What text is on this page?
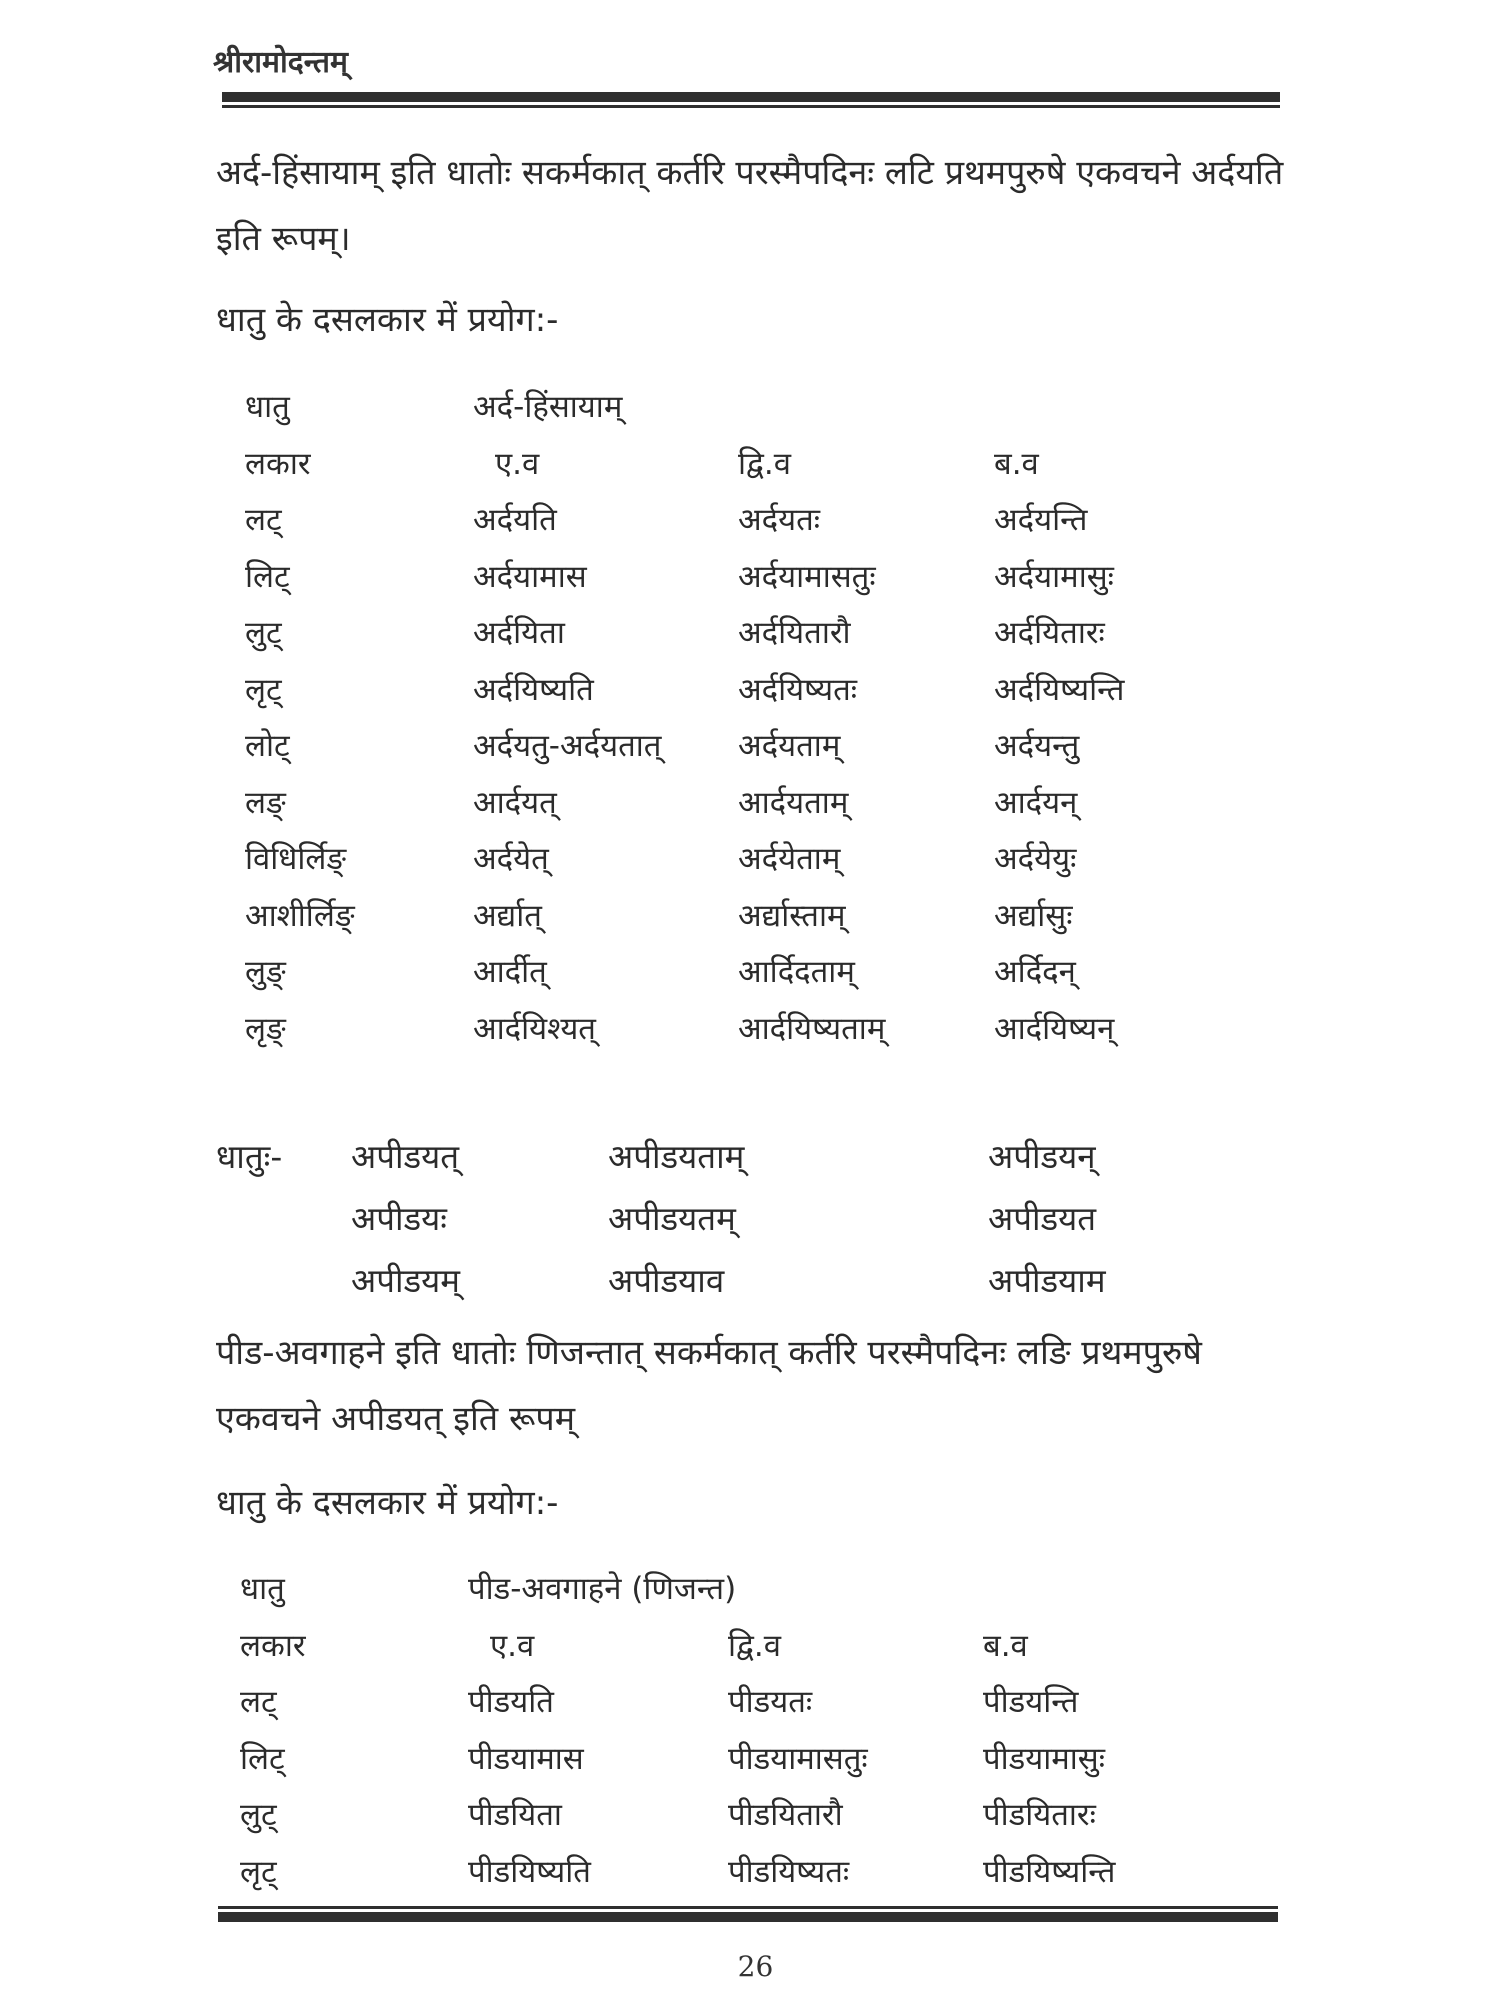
श्रीरामोदन्तम्
अर्द-हिंसायाम् इति धातोः सकर्मकात् कर्तरि परस्मैपदिनः लटि प्रथमपुरुषे एकवचने अर्दयति इति रूपम्।
धातु के दसलकार में प्रयोग:-
धातु	अर्द-हिंसायाम्		
लकार	ए.व	द्वि.व	ब.व
लट्	अर्दयति	अर्दयतः	अर्दयन्ति
लिट्	अर्दयामास	अर्दयामासतुः	अर्दयामासुः
लुट्	अर्दयिता	अर्दयितारौ	अर्दयितारः
लृट्	अर्दयिष्यति	अर्दयिष्यतः	अर्दयिष्यन्ति
लोट्	अर्दयतु-अर्दयतात्	अर्दयताम्	अर्दयन्तु
लङ्	आर्दयत्	आर्दयताम्	आर्दयन्
विधिर्लिङ्	अर्दयेत्	अर्दयेताम्	अर्दयेयुः
आशीर्लिङ्	अर्द्यात्	अर्द्यास्ताम्	अर्द्यासुः
लुङ्	आर्दीत्	आर्दिदताम्	अर्दिदन्
लृङ्	आर्दयिश्यत्	आर्दयिष्यताम्	आर्दयिष्यन्
धातुः-	अपीडयत्	अपीडयताम्	अपीडयन्
	अपीडयः	अपीडयतम्	अपीडयत
	अपीडयम्	अपीडयाव	अपीडयाम
पीड-अवगाहने इति धातोः णिजन्तात् सकर्मकात् कर्तरि परस्मैपदिनः लङि प्रथमपुरुषे एकवचने अपीडयत् इति रूपम्
धातु के दसलकार में प्रयोग:-
धातु	पीड-अवगाहने (णिजन्त)		
लकार	ए.व	द्वि.व	ब.व
लट्	पीडयति	पीडयतः	पीडयन्ति
लिट्	पीडयामास	पीडयामासतुः	पीडयामासुः
लुट्	पीडयिता	पीडयितारौ	पीडयितारः
लृट्	पीडयिष्यति	पीडयिष्यतः	पीडयिष्यन्ति
26
